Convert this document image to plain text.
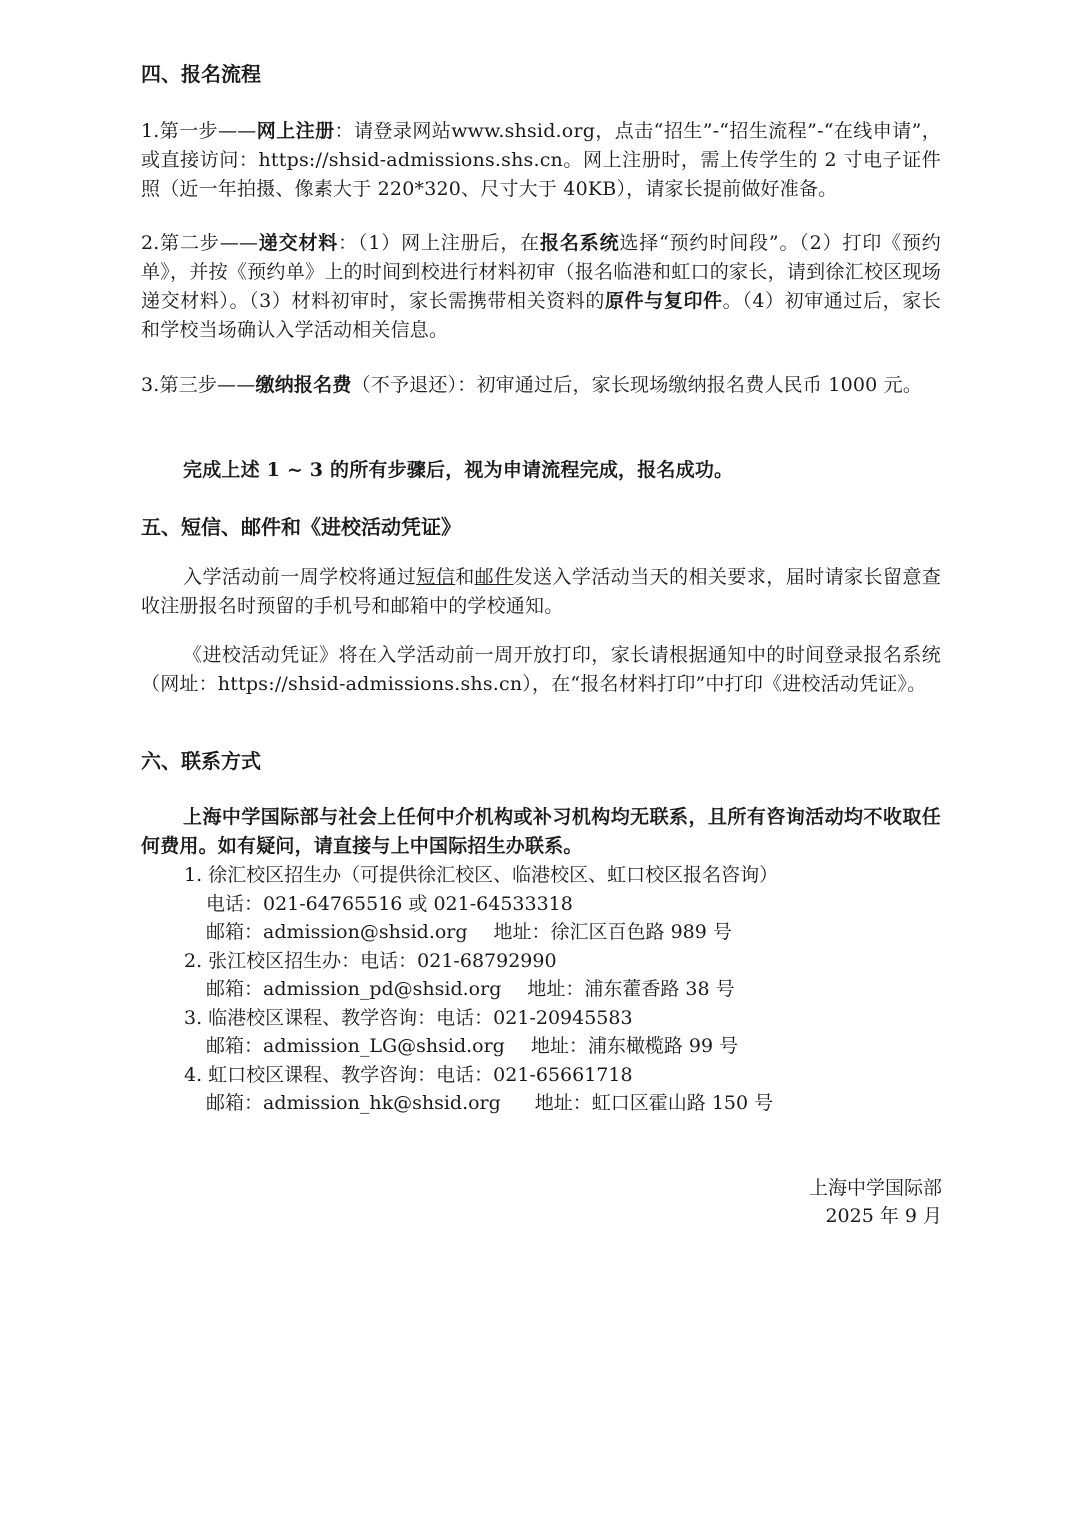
四、报名流程
1.第一步——网上注册：请登录网站www.shsid.org，点击“招生”-“招生流程”-“在线申请”，或直接访问：https://shsid-admissions.shs.cn。网上注册时，需上传学生的 2 寸电子证件照（近一年拍摄、像素大于 220*320、尺寸大于 40KB），请家长提前做好准备。
2.第二步——递交材料：（1）网上注册后，在报名系统选择“预约时间段”。（2）打印《预约单》，并按《预约单》上的时间到校进行材料初审（报名临港和虹口的家长，请到徐汇校区现场递交材料）。（3）材料初审时，家长需携带相关资料的原件与复印件。（4）初审通过后，家长和学校当场确认入学活动相关信息。
3.第三步——缴纳报名费（不予退还）：初审通过后，家长现场缴纳报名费人民币 1000 元。
完成上述 1 ~ 3 的所有步骤后，视为申请流程完成，报名成功。
五、短信、邮件和《进校活动凭证》
入学活动前一周学校将通过短信和邮件发送入学活动当天的相关要求，届时请家长留意查收注册报名时预留的手机号和邮箱中的学校通知。
《进校活动凭证》将在入学活动前一周开放打印，家长请根据通知中的时间登录报名系统（网址：https://shsid-admissions.shs.cn），在“报名材料打印”中打印《进校活动凭证》。
六、联系方式
上海中学国际部与社会上任何中介机构或补习机构均无联系，且所有咨询活动均不收取任何费用。如有疑问，请直接与上中国际招生办联系。
1. 徐汇校区招生办（可提供徐汇校区、临港校区、虹口校区报名咨询）
电话：021-64765516 或 021-64533318
邮箱：admission@shsid.org 地址：徐汇区百色路 989 号
2. 张江校区招生办：电话：021-68792990
邮箱：admission_pd@shsid.org 地址：浦东藿香路 38 号
3. 临港校区课程、教学咨询：电话：021-20945583
邮箱：admission_LG@shsid.org 地址：浦东橄榄路 99 号
4. 虹口校区课程、教学咨询：电话：021-65661718
邮箱：admission_hk@shsid.org 地址：虹口区霍山路 150 号
上海中学国际部
2025 年 9 月
